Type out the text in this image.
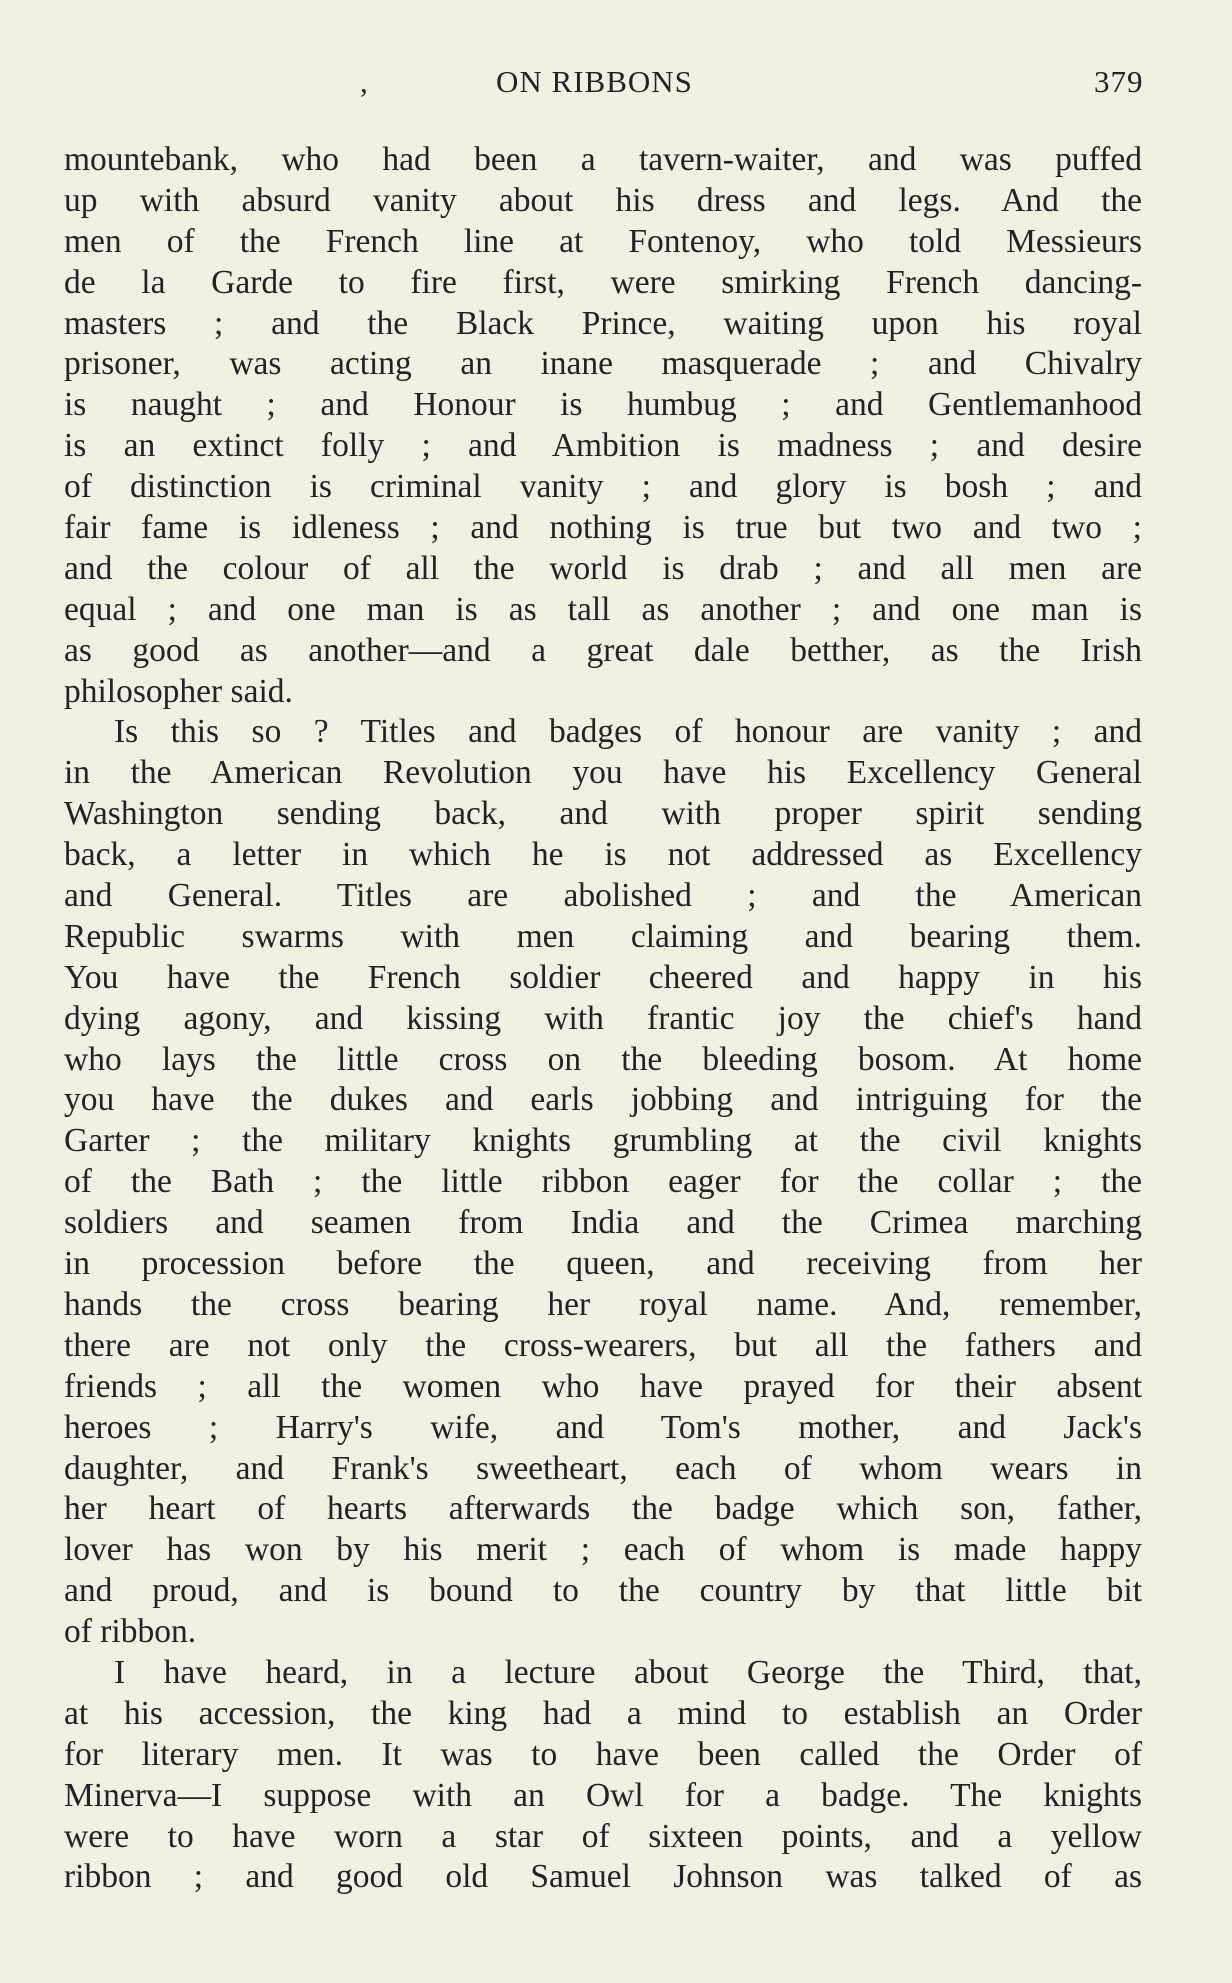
,	ON RIBBONS	379
mountebank, who had been a tavern-waiter, and was puffed
up with absurd vanity about his dress and legs. And the
men of the French line at Fontenoy, who told Messieurs
de la Garde to fire first, were smirking French dancing-
masters ; and the Black Prince, waiting upon his royal
prisoner, was acting an inane masquerade ; and Chivalry
is naught ; and Honour is humbug ; and Gentlemanhood
is an extinct folly ; and Ambition is madness ; and desire
of distinction is criminal vanity ; and glory is bosh ; and
fair fame is idleness ; and nothing is true but two and two ;
and the colour of all the world is drab ; and all men are
equal ; and one man is as tall as another ; and one man is
as good as another—and a great dale betther, as the Irish
philosopher said.
Is this so ? Titles and badges of honour are vanity ; and
in the American Revolution you have his Excellency General
Washington sending back, and with proper spirit sending
back, a letter in which he is not addressed as Excellency
and General. Titles are abolished ; and the American
Republic swarms with men claiming and bearing them.
You have the French soldier cheered and happy in his
dying agony, and kissing with frantic joy the chief's hand
who lays the little cross on the bleeding bosom. At home
you have the dukes and earls jobbing and intriguing for the
Garter ; the military knights grumbling at the civil knights
of the Bath ; the little ribbon eager for the collar ; the
soldiers and seamen from India and the Crimea marching
in procession before the queen, and receiving from her
hands the cross bearing her royal name. And, remember,
there are not only the cross-wearers, but all the fathers and
friends ; all the women who have prayed for their absent
heroes ; Harry's wife, and Tom's mother, and Jack's
daughter, and Frank's sweetheart, each of whom wears in
her heart of hearts afterwards the badge which son, father,
lover has won by his merit ; each of whom is made happy
and proud, and is bound to the country by that little bit
of ribbon.
I have heard, in a lecture about George the Third, that,
at his accession, the king had a mind to establish an Order
for literary men. It was to have been called the Order of
Minerva—I suppose with an Owl for a badge. The knights
were to have worn a star of sixteen points, and a yellow
ribbon ; and good old Samuel Johnson was talked of as
